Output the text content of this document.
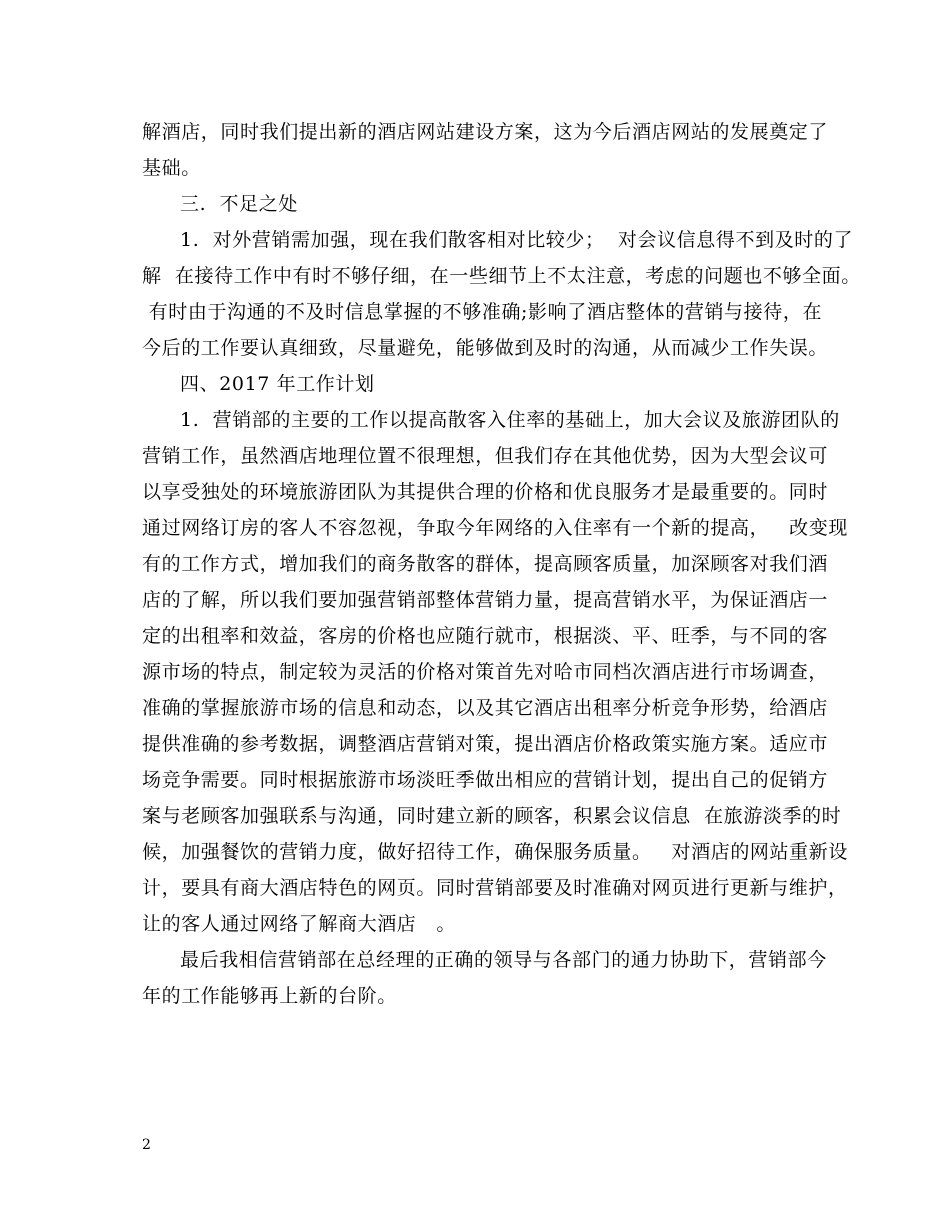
解酒店，同时我们提出新的酒店网站建设方案，这为今后酒店网站的发展奠定了
基础。
三.  不足之处
1.  对外营销需加强，现在我们散客相对比较少；  对会议信息得不到及时的了
解  在接待工作中有时不够仔细，在一些细节上不太注意，考虑的问题也不够全面。
有时由于沟通的不及时信息掌握的不够准确;影响了酒店整体的营销与接待，在
今后的工作要认真细致，尽量避免，能够做到及时的沟通，从而减少工作失误。
四、2017 年工作计划
1.  营销部的主要的工作以提高散客入住率的基础上，加大会议及旅游团队的
营销工作，虽然酒店地理位置不很理想，但我们存在其他优势，因为大型会议可
以享受独处的环境旅游团队为其提供合理的价格和优良服务才是最重要的。同时
通过网络订房的客人不容忽视，争取今年网络的入住率有一个新的提高，   改变现
有的工作方式，增加我们的商务散客的群体，提高顾客质量，加深顾客对我们酒
店的了解，所以我们要加强营销部整体营销力量，提高营销水平，为保证酒店一
定的出租率和效益，客房的价格也应随行就市，根据淡、平、旺季，与不同的客
源市场的特点，制定较为灵活的价格对策首先对哈市同档次酒店进行市场调查，
准确的掌握旅游市场的信息和动态，以及其它酒店出租率分析竞争形势，给酒店
提供准确的参考数据，调整酒店营销对策，提出酒店价格政策实施方案。适应市
场竞争需要。同时根据旅游市场淡旺季做出相应的营销计划，提出自己的促销方
案与老顾客加强联系与沟通，同时建立新的顾客，积累会议信息  在旅游淡季的时
候，加强餐饮的营销力度，做好招待工作，确保服务质量。   对酒店的网站重新设
计，要具有商大酒店特色的网页。同时营销部要及时准确对网页进行更新与维护，
让的客人通过网络了解商大酒店   。
最后我相信营销部在总经理的正确的领导与各部门的通力协助下，营销部今
年的工作能够再上新的台阶。
2
